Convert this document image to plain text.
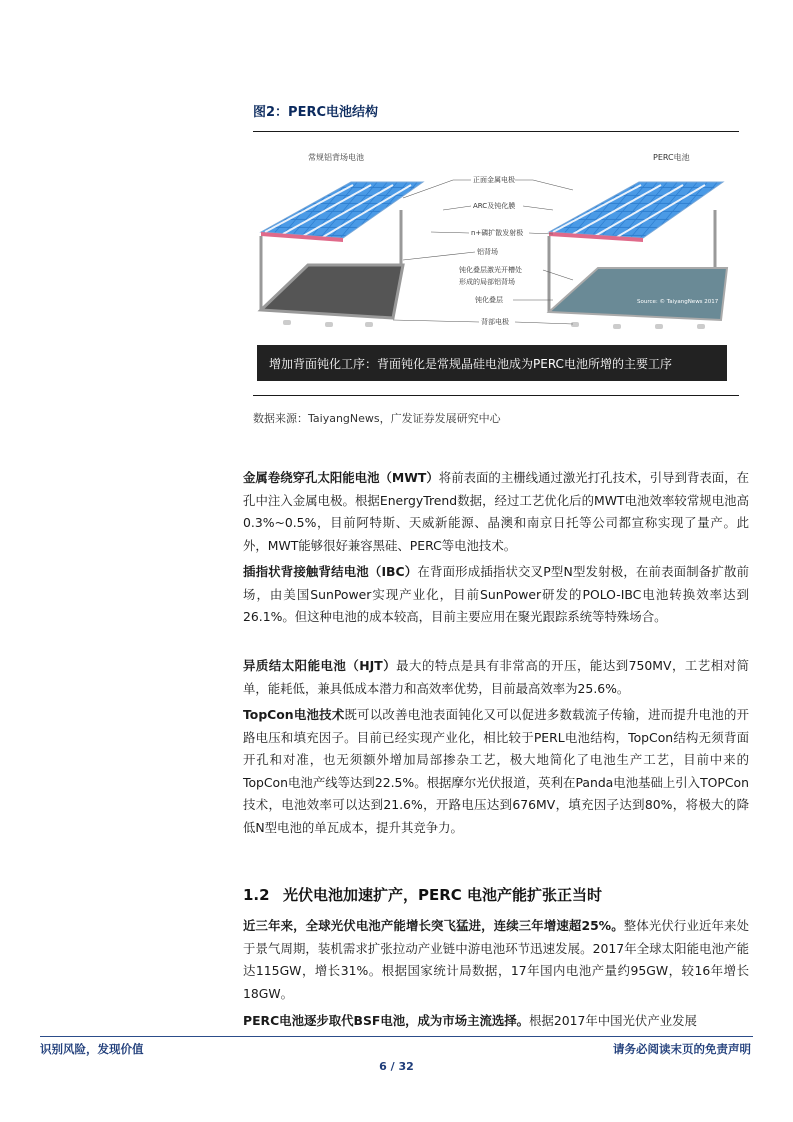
图2：PERC电池结构
常规铝背场电池	PERC电池
Source: © TaiyangNews 2017
正面金属电极
ARC及钝化膜
n+磷扩散发射极
铝背场
钝化叠层激光开槽处
形成的局部铝背场
钝化叠层
背部电极
增加背面钝化工序：背面钝化是常规晶硅电池成为PERC电池所增的主要工序
数据来源：TaiyangNews，广发证券发展研究中心
金属卷绕穿孔太阳能电池（MWT）将前表面的主栅线通过激光打孔技术，引导到背表面，在孔中注入金属电极。根据EnergyTrend数据，经过工艺优化后的MWT电池效率较常规电池高0.3%~0.5%，目前阿特斯、天威新能源、晶澳和南京日托等公司都宣称实现了量产。此外，MWT能够很好兼容黑硅、PERC等电池技术。
插指状背接触背结电池（IBC）在背面形成插指状交叉P型N型发射极，在前表面制备扩散前场，由美国SunPower实现产业化，目前SunPower研发的POLO-IBC电池转换效率达到26.1%。但这种电池的成本较高，目前主要应用在聚光跟踪系统等特殊场合。
异质结太阳能电池（HJT）最大的特点是具有非常高的开压，能达到750MV，工艺相对简单，能耗低，兼具低成本潜力和高效率优势，目前最高效率为25.6%。
TopCon电池技术既可以改善电池表面钝化又可以促进多数载流子传输，进而提升电池的开路电压和填充因子。目前已经实现产业化，相比较于PERL电池结构，TopCon结构无须背面开孔和对准，也无须额外增加局部掺杂工艺，极大地简化了电池生产工艺，目前中来的TopCon电池产线等达到22.5%。根据摩尔光伏报道，英利在Panda电池基础上引入TOPCon技术，电池效率可以达到21.6%，开路电压达到676MV，填充因子达到80%，将极大的降低N型电池的单瓦成本，提升其竞争力。
1.2 光伏电池加速扩产，PERC 电池产能扩张正当时
近三年来，全球光伏电池产能增长突飞猛进，连续三年增速超25%。整体光伏行业近年来处于景气周期，装机需求扩张拉动产业链中游电池环节迅速发展。2017年全球太阳能电池产能达115GW，增长31%。根据国家统计局数据，17年国内电池产量约95GW，较16年增长18GW。
PERC电池逐步取代BSF电池，成为市场主流选择。根据2017年中国光伏产业发展
识别风险，发现价值	请务必阅读末页的免责声明
6 / 32
